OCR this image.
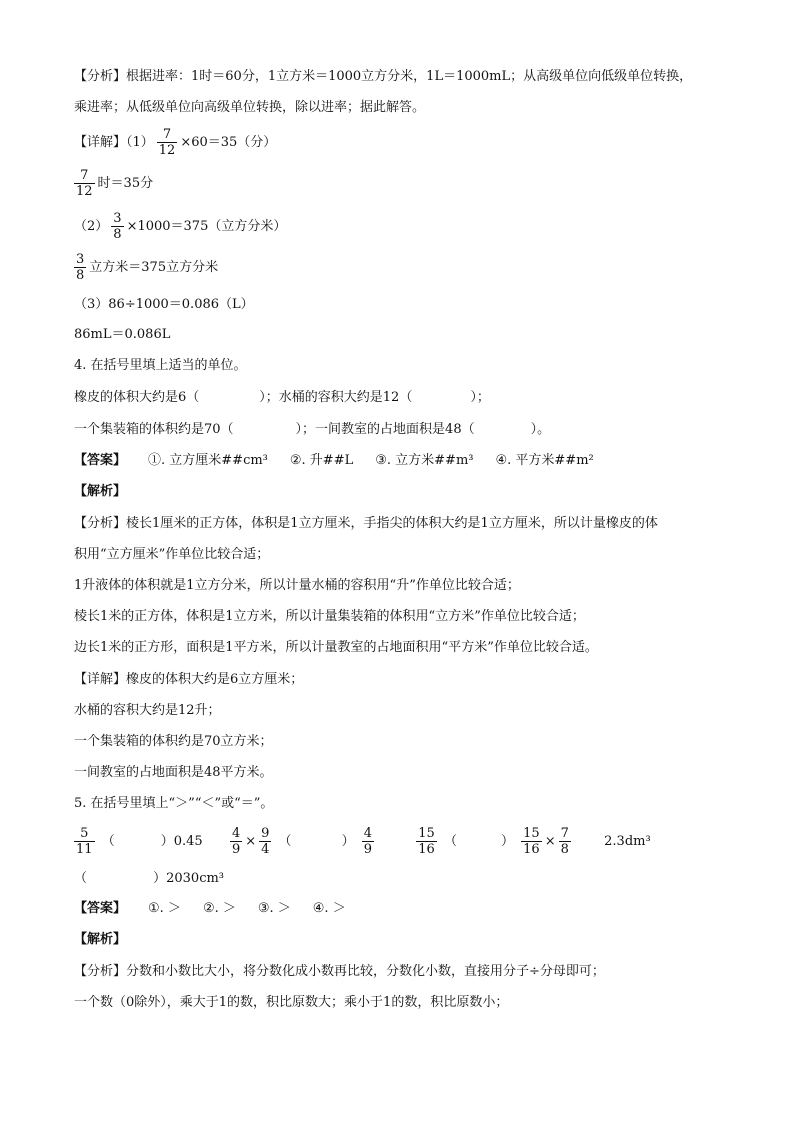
【分析】根据进率：1时＝60分，1立方米＝1000立方分米，1L＝1000mL；从高级单位向低级单位转换，
乘进率；从低级单位向高级单位转换，除以进率；据此解答。
【详解】$(1) \frac{7}{12} \times 60=35$（分）
$\frac{7}{12}$ 时＝35分
$(2) \frac{3}{8} \times 1000=375$（立方分米）
$\frac{3}{8}$ 立方米＝375立方分米
（3）86÷1000＝0.086（L）
86mL＝0.086L
4. 在括号里填上适当的单位。
橡皮的体积大约是6（	）；水桶的容积大约是12（	）；
一个集装箱的体积约是70（	）；一间教室的占地面积是48（	）。
【答案】 ①. 立方厘米##cm³ ②. 升##L ③. 立方米##m³ ④. 平方米##m²
【解析】
【分析】棱长1厘米的正方体，体积是1立方厘米，手指尖的体积大约是1立方厘米，所以计量橡皮的体
积用“立方厘米”作单位比较合适；
1升液体的体积就是1立方分米，所以计量水桶的容积用“升”作单位比较合适；
棱长1米的正方体，体积是1立方米，所以计量集装箱的体积用“立方米”作单位比较合适；
边长1米的正方形，面积是1平方米，所以计量教室的占地面积用“平方米”作单位比较合适。
【详解】橡皮的体积大约是6立方厘米；
水桶的容积大约是12升；
一个集装箱的体积约是70立方米；
一间教室的占地面积是48平方米。
5. 在括号里填上“＞”“＜”或“＝”。
$\frac{5}{11}$ （	）$0.45 \frac{4}{9} \times \frac{9}{4}$ （	） $\frac{4}{9}$
	$\frac{15}{16}$ （	） $\frac{15}{16} \times \frac{7}{8}$	2.3dm³
（                ）2030cm³
【答案】 ①. ＞ ②. ＞ ③. ＞ ④. ＞
【解析】
【分析】分数和小数比大小，将分数化成小数再比较，分数化小数，直接用分子÷分母即可；
一个数（0除外），乘大于1的数，积比原数大；乘小于1的数，积比原数小；
